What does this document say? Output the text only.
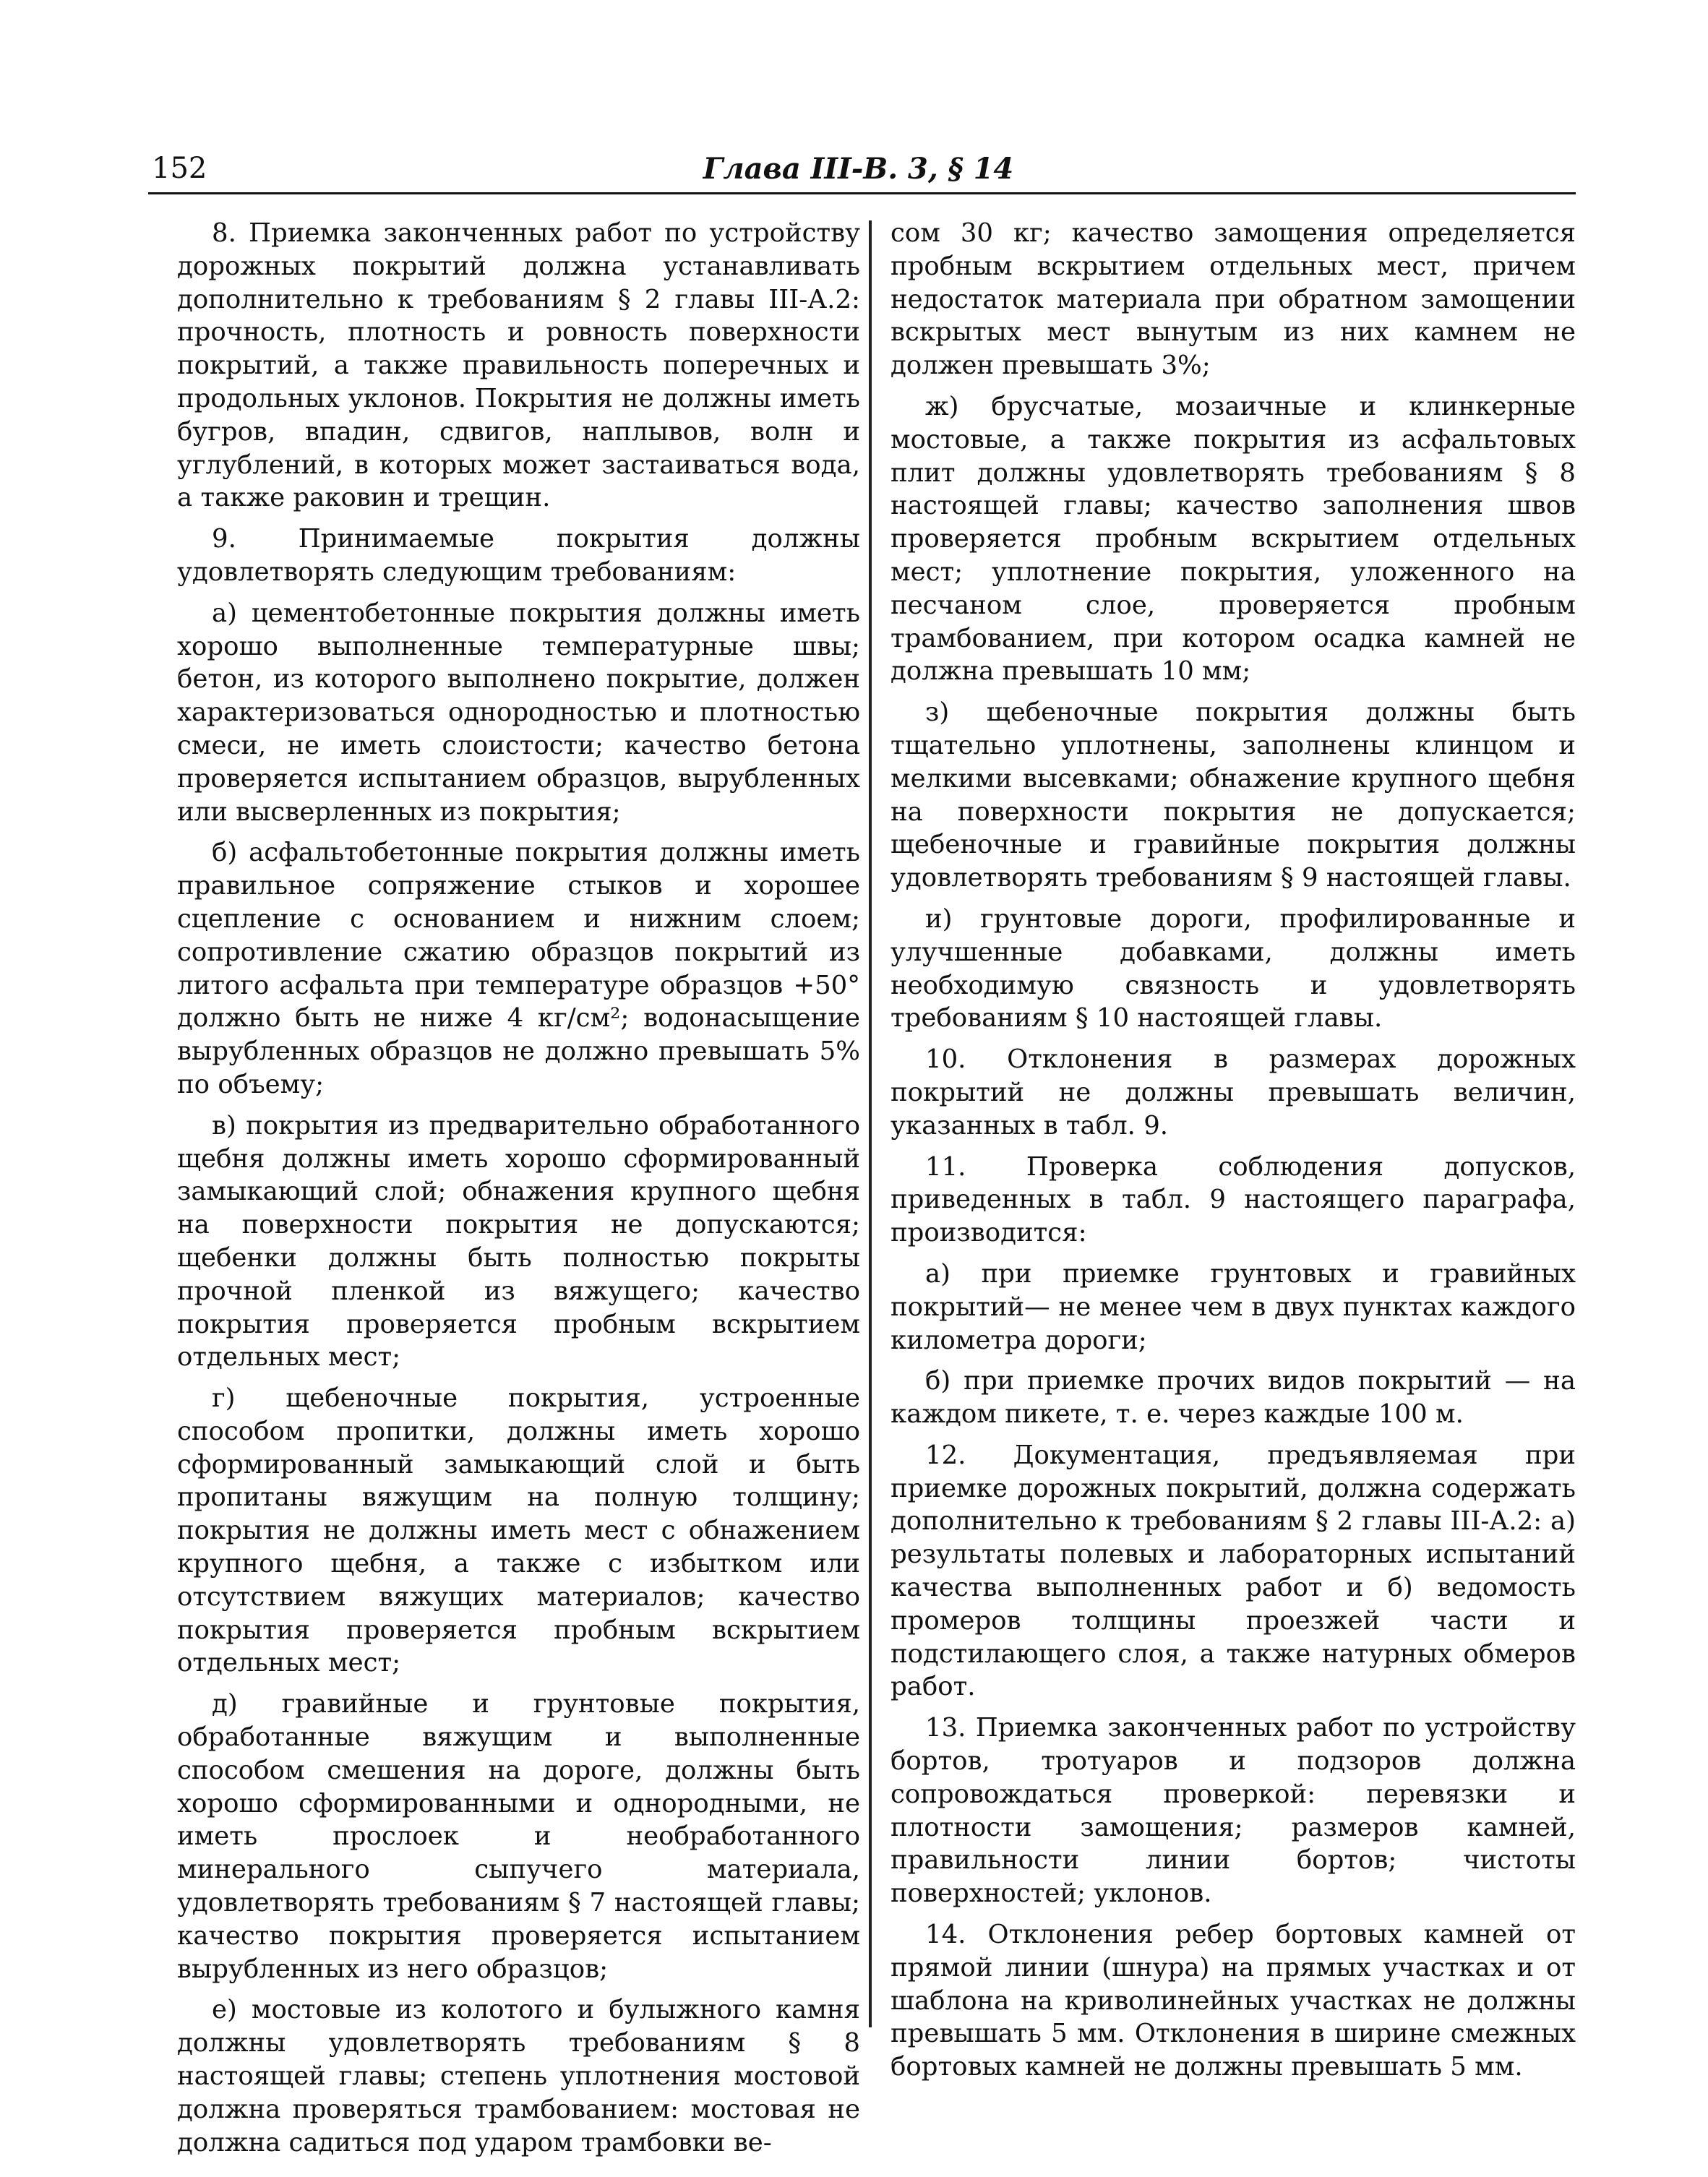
152	Глава III-В. 3, § 14

8. Приемка законченных работ по устройству дорожных покрытий должна устанавливать дополнительно к требованиям § 2 главы III-А.2: прочность, плотность и ровность поверхности покрытий, а также правильность поперечных и продольных уклонов. Покрытия не должны иметь бугров, впадин, сдвигов, наплывов, волн и углублений, в которых может застаиваться вода, а также раковин и трещин.

9. Принимаемые покрытия должны удовлетворять следующим требованиям:

а) цементобетонные покрытия должны иметь хорошо выполненные температурные швы; бетон, из которого выполнено покрытие, должен характеризоваться однородностью и плотностью смеси, не иметь слоистости; качество бетона проверяется испытанием образцов, вырубленных или высверленных из покрытия;

б) асфальтобетонные покрытия должны иметь правильное сопряжение стыков и хорошее сцепление с основанием и нижним слоем; сопротивление сжатию образцов покрытий из литого асфальта при температуре образцов +50° должно быть не ниже 4 кг/см²; водонасыщение вырубленных образцов не должно превышать 5% по объему;

в) покрытия из предварительно обработанного щебня должны иметь хорошо сформированный замыкающий слой; обнажения крупного щебня на поверхности покрытия не допускаются; щебенки должны быть полностью покрыты прочной пленкой из вяжущего; качество покрытия проверяется пробным вскрытием отдельных мест;

г) щебеночные покрытия, устроенные способом пропитки, должны иметь хорошо сформированный замыкающий слой и быть пропитаны вяжущим на полную толщину; покрытия не должны иметь мест с обнажением крупного щебня, а также с избытком или отсутствием вяжущих материалов; качество покрытия проверяется пробным вскрытием отдельных мест;

д) гравийные и грунтовые покрытия, обработанные вяжущим и выполненные способом смешения на дороге, должны быть хорошо сформированными и однородными, не иметь прослоек и необработанного минерального сыпучего материала, удовлетворять требованиям § 7 настоящей главы; качество покрытия проверяется испытанием вырубленных из него образцов;

е) мостовые из колотого и булыжного камня должны удовлетворять требованиям § 8 настоящей главы; степень уплотнения мостовой должна проверяться трамбованием: мостовая не должна садиться под ударом трамбовки ве-

сом 30 кг; качество замощения определяется пробным вскрытием отдельных мест, причем недостаток материала при обратном замощении вскрытых мест вынутым из них камнем не должен превышать 3%;

ж) брусчатые, мозаичные и клинкерные мостовые, а также покрытия из асфальтовых плит должны удовлетворять требованиям § 8 настоящей главы; качество заполнения швов проверяется пробным вскрытием отдельных мест; уплотнение покрытия, уложенного на песчаном слое, проверяется пробным трамбованием, при котором осадка камней не должна превышать 10 мм;

з) щебеночные покрытия должны быть тщательно уплотнены, заполнены клинцом и мелкими высевками; обнажение крупного щебня на поверхности покрытия не допускается; щебеночные и гравийные покрытия должны удовлетворять требованиям § 9 настоящей главы.

и) грунтовые дороги, профилированные и улучшенные добавками, должны иметь необходимую связность и удовлетворять требованиям § 10 настоящей главы.

10. Отклонения в размерах дорожных покрытий не должны превышать величин, указанных в табл. 9.

11. Проверка соблюдения допусков, приведенных в табл. 9 настоящего параграфа, производится:

а) при приемке грунтовых и гравийных покрытий— не менее чем в двух пунктах каждого километра дороги;

б) при приемке прочих видов покрытий — на каждом пикете, т. е. через каждые 100 м.

12. Документация, предъявляемая при приемке дорожных покрытий, должна содержать дополнительно к требованиям § 2 главы III-А.2: а) результаты полевых и лабораторных испытаний качества выполненных работ и б) ведомость промеров толщины проезжей части и подстилающего слоя, а также натурных обмеров работ.

13. Приемка законченных работ по устройству бортов, тротуаров и подзоров должна сопровождаться проверкой: перевязки и плотности замощения; размеров камней, правильности линии бортов; чистоты поверхностей; уклонов.

14. Отклонения ребер бортовых камней от прямой линии (шнура) на прямых участках и от шаблона на криволинейных участках не должны превышать 5 мм. Отклонения в ширине смежных бортовых камней не должны превышать 5 мм.
